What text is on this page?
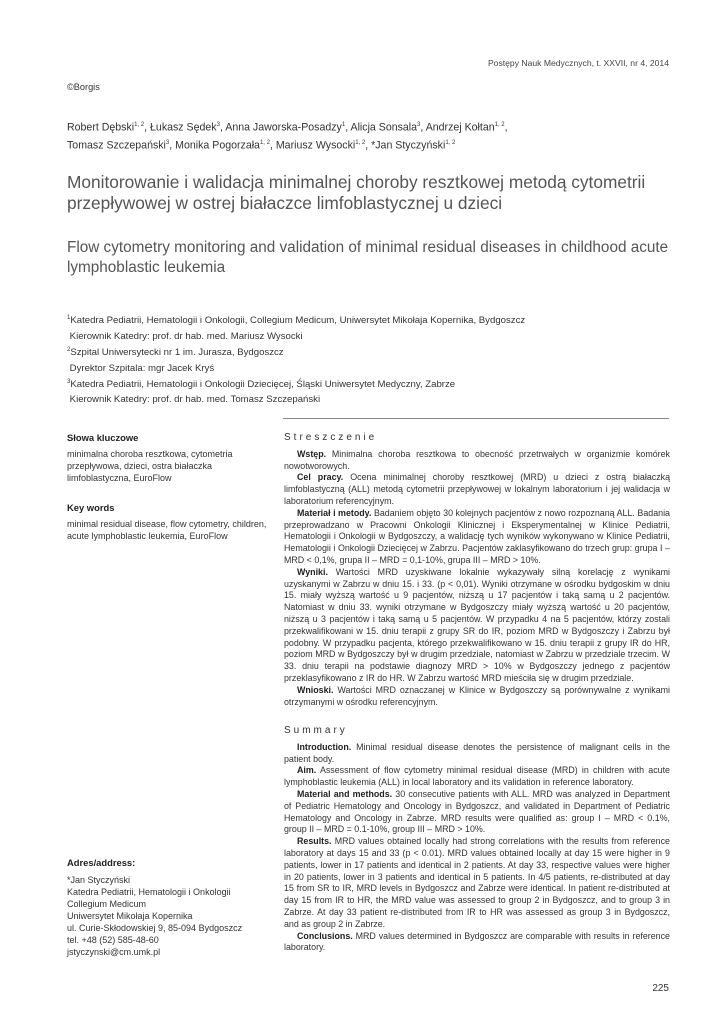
Postępy Nauk Medycznych, t. XXVII, nr 4, 2014
©Borgis
Robert Dębski$^{1, 2}$, Łukasz Sędek$^3$, Anna Jaworska-Posadzy$^1$, Alicja Sonsala$^3$, Andrzej Kołtan$^{1, 2}$,
Tomasz Szczepański$^3$, Monika Pogorzała$^{1, 2}$, Mariusz Wysocki$^{1, 2}$, *Jan Styczyński$^{1, 2}$
Monitorowanie i walidacja minimalnej choroby resztkowej metodą cytometrii przepływowej w ostrej białaczce limfoblastycznej u dzieci
Flow cytometry monitoring and validation of minimal residual diseases in childhood acute lymphoblastic leukemia
$^1$Katedra Pediatrii, Hematologii i Onkologii, Collegium Medicum, Uniwersytet Mikołaja Kopernika, Bydgoszcz
Kierownik Katedry: prof. dr hab. med. Mariusz Wysocki
$^2$Szpital Uniwersytecki nr 1 im. Jurasza, Bydgoszcz
Dyrektor Szpitala: mgr Jacek Kryś
$^3$Katedra Pediatrii, Hematologii i Onkologii Dziecięcej, Śląski Uniwersytet Medyczny, Zabrze
Kierownik Katedry: prof. dr hab. med. Tomasz Szczepański
Słowa kluczowe

minimalna choroba resztkowa, cytometria przepływowa, dzieci, ostra białaczka limfoblastyczna, EuroFlow

Key words

minimal residual disease, flow cytometry, children, acute lymphoblastic leukemia, EuroFlow

Adres/address:
*Jan Styczyński
Katedra Pediatrii, Hematologii i Onkologii
Collegium Medicum
Uniwersytet Mikołaja Kopernika
ul. Curie-Skłodowskiej 9, 85-094 Bydgoszcz
tel. +48 (52) 585-48-60
jstyczynski@cm.umk.pl
Streszczenie

Wstęp. Minimalna choroba resztkowa to obecność przetrwałych w organizmie komórek nowotworowych.

Cel pracy. Ocena minimalnej choroby resztkowej (MRD) u dzieci z ostrą białaczką limfoblastyczną (ALL) metodą cytometrii przepływowej w lokalnym laboratorium i jej walidacja w laboratorium referencyjnym.

Materiał i metody. Badaniem objęto 30 kolejnych pacjentów z nowo rozpoznaną ALL. Badania przeprowadzano w Pracowni Onkologii Klinicznej i Eksperymentalnej w Klinice Pediatrii, Hematologii i Onkologii w Bydgoszczy, a walidację tych wyników wykonywano w Klinice Pediatrii, Hematologii i Onkologii Dziecięcej w Zabrzu. Pacjentów zaklasyfikowano do trzech grup: grupa I – MRD < 0,1%, grupa II – MRD = 0,1-10%, grupa III – MRD > 10%.

Wyniki. Wartości MRD uzyskiwane lokalnie wykazywały silną korelację z wynikami uzyskanymi w Zabrzu w dniu 15. i 33. (p < 0,01). Wyniki otrzymane w ośrodku bydgoskim w dniu 15. miały wyższą wartość u 9 pacjentów, niższą u 17 pacjentów i taką samą u 2 pacjentów. Natomiast w dniu 33. wyniki otrzymane w Bydgoszczy miały wyższą wartość u 20 pacjentów, niższą u 3 pacjentów i taką samą u 5 pacjentów. W przypadku 4 na 5 pacjentów, którzy zostali przekwalifikowani w 15. dniu terapii z grupy SR do IR, poziom MRD w Bydgoszczy i Zabrzu był podobny. W przypadku pacjenta, którego przekwalifikowano w 15. dniu terapii z grupy IR do HR, poziom MRD w Bydgoszczy był w drugim przedziale, natomiast w Zabrzu w przedziale trzecim. W 33. dniu terapii na podstawie diagnozy MRD > 10% w Bydgoszczy jednego z pacjentów przeklasyfikowano z IR do HR. W Zabrzu wartość MRD mieściła się w drugim przedziale.

Wnioski. Wartości MRD oznaczanej w Klinice w Bydgoszczy są porównywalne z wynikami otrzymanymi w ośrodku referencyjnym.

Summary

Introduction. Minimal residual disease denotes the persistence of malignant cells in the patient body.

Aim. Assessment of flow cytometry minimal residual disease (MRD) in children with acute lymphoblastic leukemia (ALL) in local laboratory and its validation in reference laboratory.

Material and methods. 30 consecutive patients with ALL. MRD was analyzed in Department of Pediatric Hematology and Oncology in Bydgoszcz, and validated in Department of Pediatric Hematology and Oncology in Zabrze. MRD results were qualified as: group I – MRD < 0.1%, group II – MRD = 0.1-10%, group III – MRD > 10%.

Results. MRD values obtained locally had strong correlations with the results from reference laboratory at days 15 and 33 (p < 0.01). MRD values obtained locally at day 15 were higher in 9 patients, lower in 17 patients and identical in 2 patients. At day 33, respective values were higher in 20 patients, lower in 3 patients and identical in 5 patients. In 4/5 patients, re-distributed at day 15 from SR to IR, MRD levels in Bydgoszcz and Zabrze were identical. In patient re-distributed at day 15 from IR to HR, the MRD value was assessed to group 2 in Bydgoszcz, and to group 3 in Zabrze. At day 33 patient re-distributed from IR to HR was assessed as group 3 in Bydgoszcz, and as group 2 in Zabrze.

Conclusions. MRD values determined in Bydgoszcz are comparable with results in reference laboratory.

225
